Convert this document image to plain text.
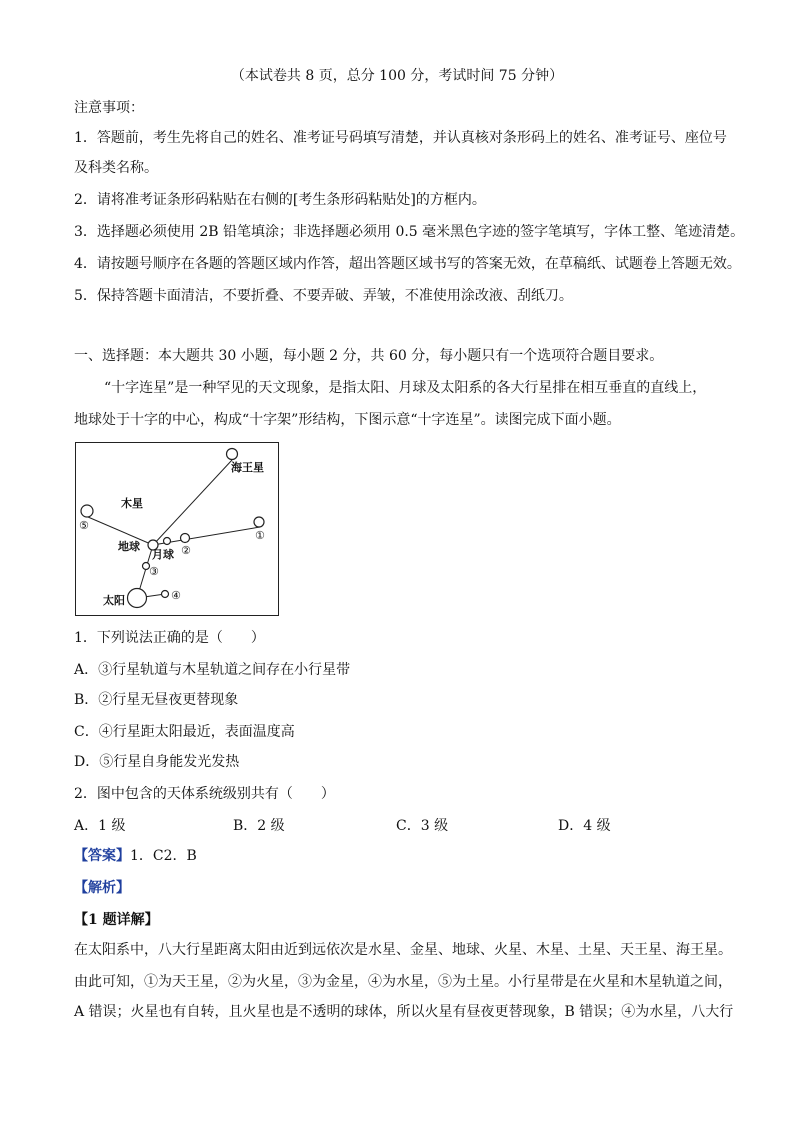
（本试卷共 8 页，总分 100 分，考试时间 75 分钟）
注意事项：
1．答题前，考生先将自己的姓名、准考证号码填写清楚，并认真核对条形码上的姓名、准考证号、座位号
及科类名称。
2．请将准考证条形码粘贴在右侧的[考生条形码粘贴处]的方框内。
3．选择题必须使用 2B 铅笔填涂；非选择题必须用 0.5 毫米黑色字迹的签字笔填写，字体工整、笔迹清楚。
4．请按题号顺序在各题的答题区域内作答，超出答题区域书写的答案无效，在草稿纸、试题卷上答题无效。
5．保持答题卡面清洁，不要折叠、不要弄破、弄皱，不准使用涂改液、刮纸刀。
一、选择题：本大题共 30 小题，每小题 2 分，共 60 分，每小题只有一个选项符合题目要求。
“十字连星”是一种罕见的天文现象，是指太阳、月球及太阳系的各大行星排在相互垂直的直线上，
地球处于十字的中心，构成“十字架”形结构，下图示意“十字连星”。读图完成下面小题。
海王星
木星
地球
月球
太阳
①
②
③
④
⑤
1．下列说法正确的是（　　）
A．③行星轨道与木星轨道之间存在小行星带
B．②行星无昼夜更替现象
C．④行星距太阳最近，表面温度高
D．⑤行星自身能发光发热
2．图中包含的天体系统级别共有（　　）
A．1 级	B．2 级	C．3 级	D．4 级
【答案】1．C2．B
【解析】
【1 题详解】
在太阳系中，八大行星距离太阳由近到远依次是水星、金星、地球、火星、木星、土星、天王星、海王星。
由此可知，①为天王星，②为火星，③为金星，④为水星，⑤为土星。小行星带是在火星和木星轨道之间，
A 错误；火星也有自转，且火星也是不透明的球体，所以火星有昼夜更替现象，B 错误；④为水星，八大行
